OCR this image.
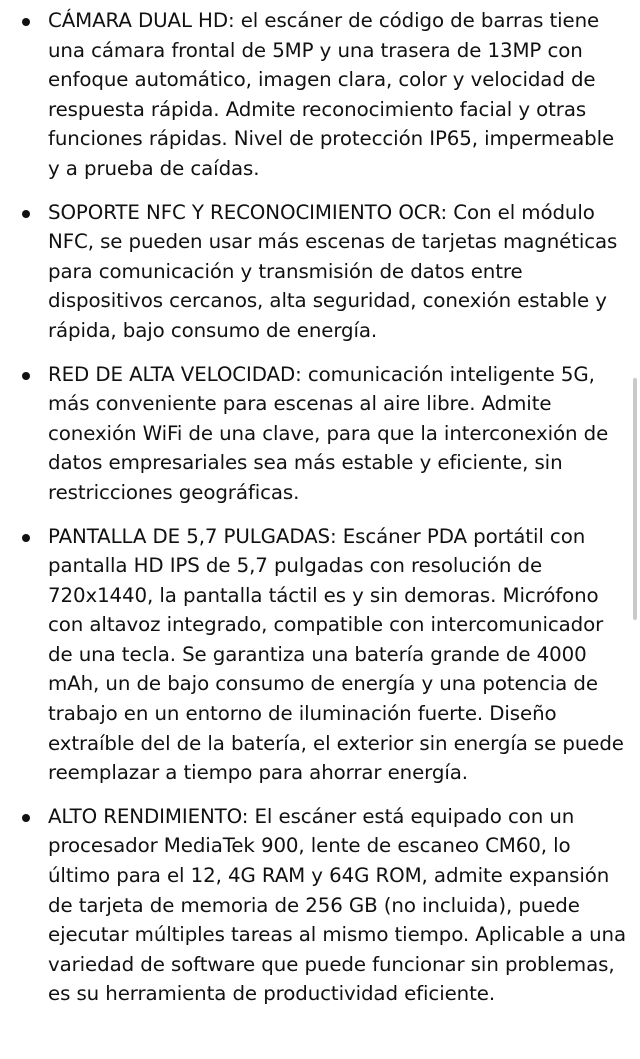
CÁMARA DUAL HD: el escáner de código de barras tiene una cámara frontal de 5MP y una trasera de 13MP con enfoque automático, imagen clara, color y velocidad de respuesta rápida. Admite reconocimiento facial y otras funciones rápidas. Nivel de protección IP65, impermeable y a prueba de caídas.
SOPORTE NFC Y RECONOCIMIENTO OCR: Con el módulo NFC, se pueden usar más escenas de tarjetas magnéticas para comunicación y transmisión de datos entre dispositivos cercanos, alta seguridad, conexión estable y rápida, bajo consumo de energía.
RED DE ALTA VELOCIDAD: comunicación inteligente 5G, más conveniente para escenas al aire libre. Admite conexión WiFi de una clave, para que la interconexión de datos empresariales sea más estable y eficiente, sin restricciones geográficas.
PANTALLA DE 5,7 PULGADAS: Escáner PDA portátil con pantalla HD IPS de 5,7 pulgadas con resolución de 720x1440, la pantalla táctil es y sin demoras. Micrófono con altavoz integrado, compatible con intercomunicador de una tecla. Se garantiza una batería grande de 4000 mAh, un de bajo consumo de energía y una potencia de trabajo en un entorno de iluminación fuerte. Diseño extraíble del de la batería, el exterior sin energía se puede reemplazar a tiempo para ahorrar energía.
ALTO RENDIMIENTO: El escáner está equipado con un procesador MediaTek 900, lente de escaneo CM60, lo último para el 12, 4G RAM y 64G ROM, admite expansión de tarjeta de memoria de 256 GB (no incluida), puede ejecutar múltiples tareas al mismo tiempo. Aplicable a una variedad de software que puede funcionar sin problemas, es su herramienta de productividad eficiente.
